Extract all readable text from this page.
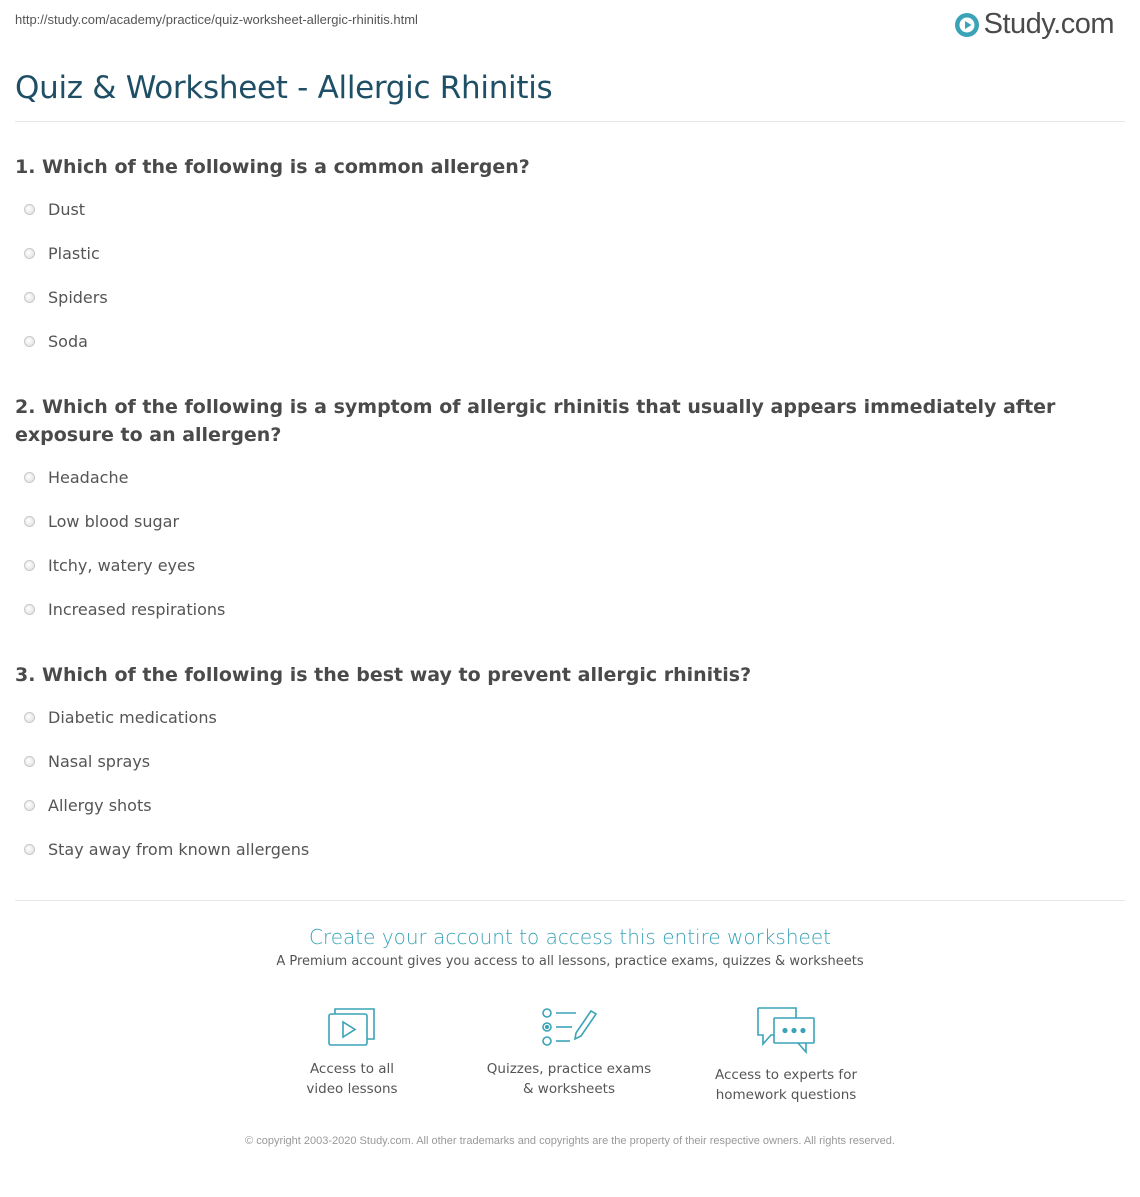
http://study.com/academy/practice/quiz-worksheet-allergic-rhinitis.html	Study.com
Quiz & Worksheet - Allergic Rhinitis
1. Which of the following is a common allergen?
Dust
Plastic
Spiders
Soda
2. Which of the following is a symptom of allergic rhinitis that usually appears immediately after exposure to an allergen?
Headache
Low blood sugar
Itchy, watery eyes
Increased respirations
3. Which of the following is the best way to prevent allergic rhinitis?
Diabetic medications
Nasal sprays
Allergy shots
Stay away from known allergens
Create your account to access this entire worksheet
A Premium account gives you access to all lessons, practice exams, quizzes & worksheets
Access to all
video lessons
Quizzes, practice exams
& worksheets
Access to experts for
homework questions
© copyright 2003-2020 Study.com. All other trademarks and copyrights are the property of their respective owners. All rights reserved.
